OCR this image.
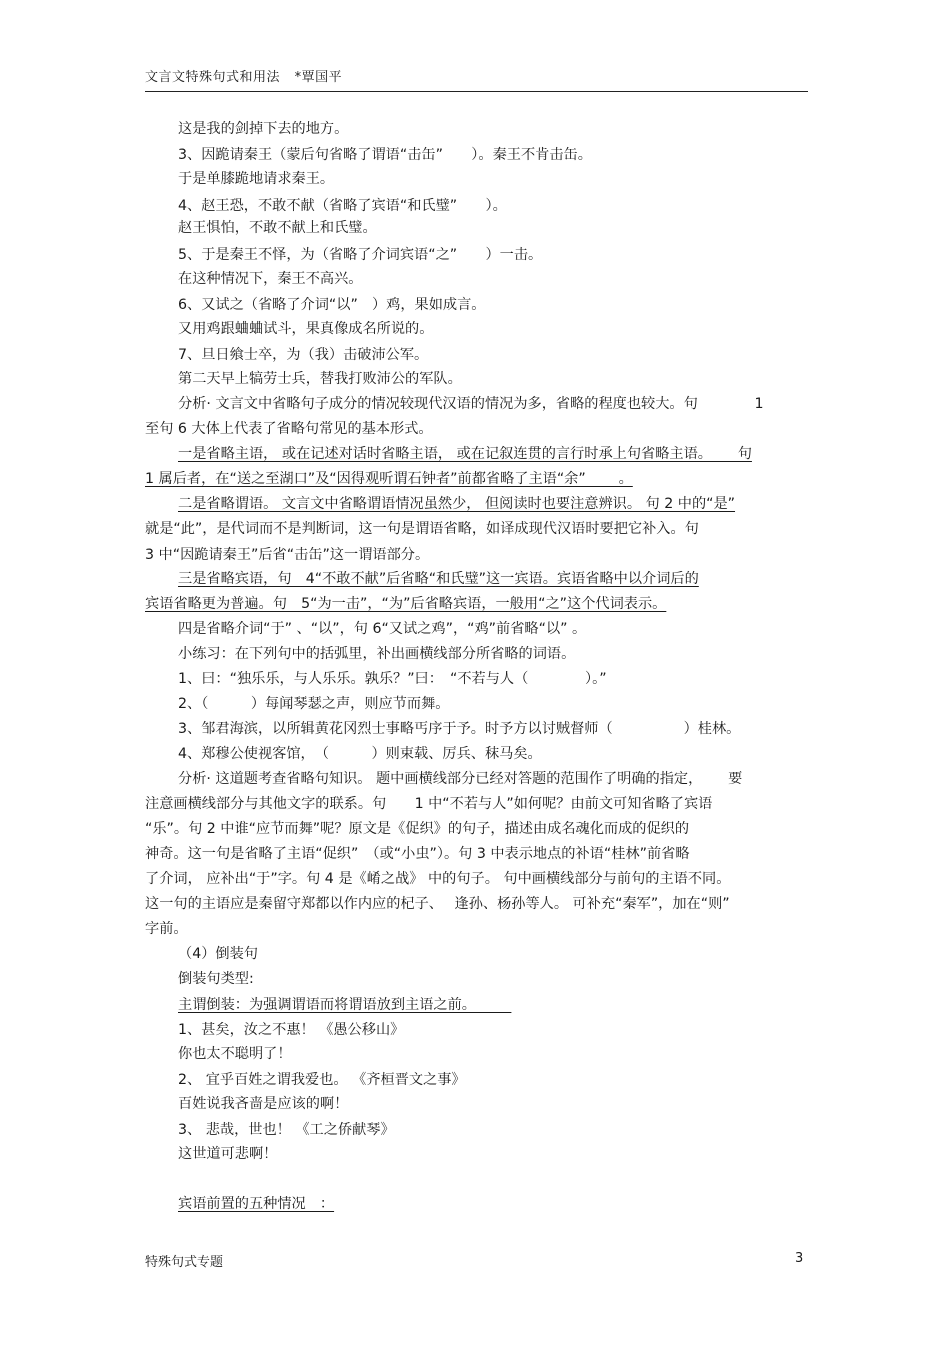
文言文特殊句式和用法 *覃国平
这是我的剑掉下去的地方。
3、因跪请秦王（蒙后句省略了谓语“击缶”　　）。秦王不肯击缶。
于是单膝跪地请求秦王。
4、赵王恐，不敢不献（省略了宾语“和氏璧”　　）。
赵王惧怕，不敢不献上和氏璧。
5、于是秦王不怿，为（省略了介词宾语“之”　　）一击。
在这种情况下，秦王不高兴。
6、又试之（省略了介词“以”　）鸡，果如成言。
又用鸡跟蛐蛐试斗，果真像成名所说的。
7、旦日飨士卒，为（我）击破沛公军。
第二天早上犒劳士兵，替我打败沛公的军队。
分析· 文言文中省略句子成分的情况较现代汉语的情况为多，省略的程度也较大。句　　　　1
至句 6 大体上代表了省略句常见的基本形式。
一是省略主语， 或在记述对话时省略主语， 或在记叙连贯的言行时承上句省略主语。　　 句
1 属后者，在“送之至湖口”及“因得观听谓石钟者”前都省略了主语“余”　　 。
二是省略谓语。 文言文中省略谓语情况虽然少， 但阅读时也要注意辨识。 句 2 中的“是”
就是“此”，是代词而不是判断词，这一句是谓语省略，如译成现代汉语时要把它补入。句
3 中“因跪请秦王”后省“击缶”这一谓语部分。
三是省略宾语，句　4“不敢不献”后省略“和氏璧”这一宾语。宾语省略中以介词后的
宾语省略更为普遍。句　5“为一击”，“为”后省略宾语，一般用“之”这个代词表示。
四是省略介词“于” 、“以”，句 6“又试之鸡”，“鸡”前省略“以” 。
小练习：在下列句中的括弧里，补出画横线部分所省略的词语。
1、曰：“独乐乐，与人乐乐。孰乐？”曰：　“不若与人（　　　　）。”
2、（　　　）每闻琴瑟之声，则应节而舞。
3、邹君海滨，以所辑黄花冈烈士事略丐序于予。时予方以讨贼督师（　　　　　）桂林。
4、郑穆公使视客馆，　（　　　）则束载、厉兵、秣马矣。
分析· 这道题考查省略句知识。 题中画横线部分已经对答题的范围作了明确的指定，　　 要
注意画横线部分与其他文字的联系。句　　1 中“不若与人”如何呢？由前文可知省略了宾语
“乐”。句 2 中谁“应节而舞”呢？原文是《促织》的句子，描述由成名魂化而成的促织的
神奇。这一句是省略了主语“促织”　（或“小虫”）。句 3 中表示地点的补语“桂林”前省略
了介词， 应补出“于”字。句 4 是《崤之战》 中的句子。 句中画横线部分与前句的主语不同。
这一句的主语应是秦留守郑都以作内应的杞子、　 逢孙、杨孙等人。 可补充“秦军”，加在“则”
字前。
（4）倒装句
倒装句类型:
主谓倒装：为强调谓语而将谓语放到主语之前。　　　
1、甚矣，汝之不惠！ 《愚公移山》
你也太不聪明了！
2、 宜乎百姓之谓我爱也。 《齐桓晋文之事》
百姓说我吝啬是应该的啊！
3、 悲哉，世也！ 《工之侨献琴》
这世道可悲啊！
宾语前置的五种情况　：
特殊句式专题	3
